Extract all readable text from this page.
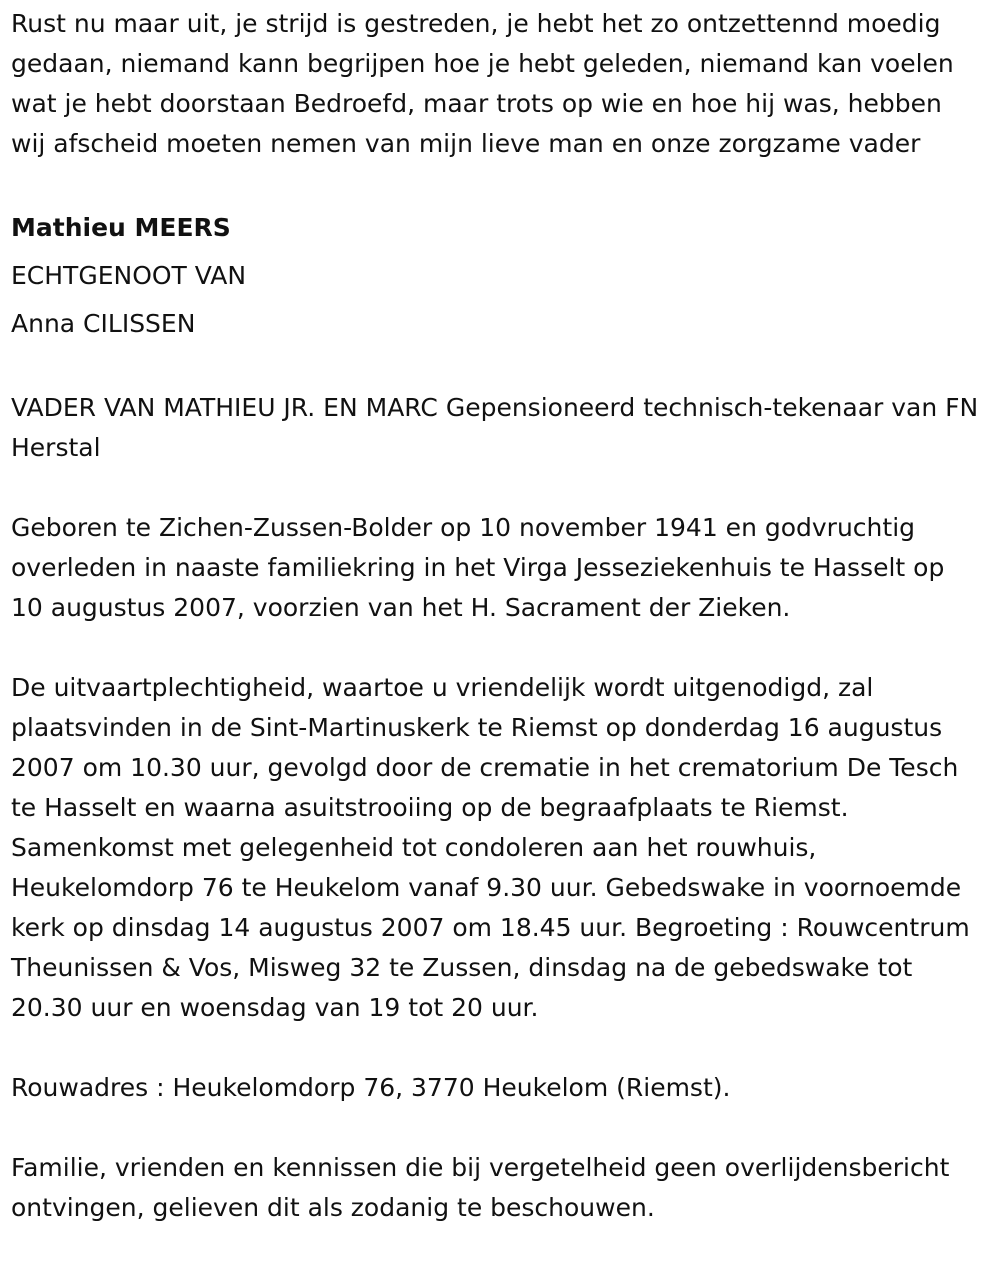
Rust nu maar uit, je strijd is gestreden, je hebt het zo ontzettennd moedig gedaan, niemand kann begrijpen hoe je hebt geleden, niemand kan voelen wat je hebt doorstaan Bedroefd, maar trots op wie en hoe hij was, hebben wij afscheid moeten nemen van mijn lieve man en onze zorgzame vader

Mathieu MEERS
ECHTGENOOT VAN
Anna CILISSEN

VADER VAN MATHIEU JR. EN MARC Gepensioneerd technisch-tekenaar van FN Herstal

Geboren te Zichen-Zussen-Bolder op 10 november 1941 en godvruchtig overleden in naaste familiekring in het Virga Jesseziekenhuis te Hasselt op 10 augustus 2007, voorzien van het H. Sacrament der Zieken.

De uitvaartplechtigheid, waartoe u vriendelijk wordt uitgenodigd, zal plaatsvinden in de Sint-Martinuskerk te Riemst op donderdag 16 augustus 2007 om 10.30 uur, gevolgd door de crematie in het crematorium De Tesch te Hasselt en waarna asuitstrooiing op de begraafplaats te Riemst. Samenkomst met gelegenheid tot condoleren aan het rouwhuis, Heukelomdorp 76 te Heukelom vanaf 9.30 uur. Gebedswake in voornoemde kerk op dinsdag 14 augustus 2007 om 18.45 uur. Begroeting : Rouwcentrum Theunissen & Vos, Misweg 32 te Zussen, dinsdag na de gebedswake tot 20.30 uur en woensdag van 19 tot 20 uur.

Rouwadres : Heukelomdorp 76, 3770 Heukelom (Riemst).

Familie, vrienden en kennissen die bij vergetelheid geen overlijdensbericht ontvingen, gelieven dit als zodanig te beschouwen.
